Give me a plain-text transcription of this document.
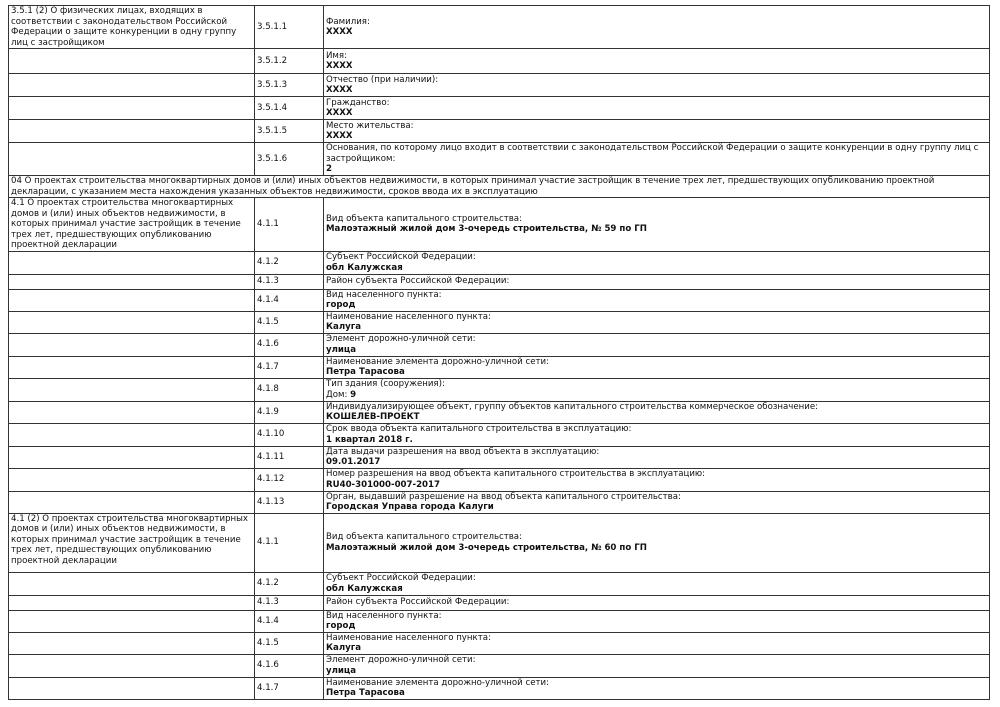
3.5.1 (2) О физических лицах, входящих в соответствии с законодательством Российской Федерации о защите конкуренции в одну группу лиц с застройщиком	3.5.1.1	Фамилия:
XXXX

	3.5.1.2	Имя:
XXXX

	3.5.1.3	Отчество (при наличии):
XXXX

	3.5.1.4	Гражданство:
XXXX

	3.5.1.5	Место жительства:
XXXX

	3.5.1.6	Основания, по которому лицо входит в соответствии с законодательством Российской Федерации о защите конкуренции в одну группу лиц с застройщиком:
2

04 О проектах строительства многоквартирных домов и (или) иных объектов недвижимости, в которых принимал участие застройщик в течение трех лет, предшествующих опубликованию проектной декларации, с указанием места нахождения указанных объектов недвижимости, сроков ввода их в эксплуатацию		
4.1 О проектах строительства многоквартирных домов и (или) иных объектов недвижимости, в которых принимал участие застройщик в течение трех лет, предшествующих опубликованию проектной декларации	4.1.1	Вид объекта капитального строительства:
Малоэтажный жилой дом 3-очередь строительства, № 59 по ГП

	4.1.2	Субъект Российской Федерации:
обл Калужская

	4.1.3	Район субъекта Российской Федерации:

	4.1.4	Вид населенного пункта:
город

	4.1.5	Наименование населенного пункта:
Калуга

	4.1.6	Элемент дорожно-уличной сети:
улица

	4.1.7	Наименование элемента дорожно-уличной сети:
Петра Тарасова

	4.1.8	Тип здания (сооружения):
Дом: 9

	4.1.9	Индивидуализирующее объект, группу объектов капитального строительства коммерческое обозначение:
КОШЕЛЕВ-ПРОЕКТ

	4.1.10	Срок ввода объекта капитального строительства в эксплуатацию:
1 квартал 2018 г.

	4.1.11	Дата выдачи разрешения на ввод объекта в эксплуатацию:
09.01.2017

	4.1.12	Номер разрешения на ввод объекта капитального строительства в эксплуатацию:
RU40-301000-007-2017

	4.1.13	Орган, выдавший разрешение на ввод объекта капитального строительства:
Городская Управа города Калуги

4.1 (2) О проектах строительства многоквартирных домов и (или) иных объектов недвижимости, в которых принимал участие застройщик в течение трех лет, предшествующих опубликованию проектной декларации	4.1.1	Вид объекта капитального строительства:
Малоэтажный жилой дом 3-очередь строительства, № 60 по ГП

	4.1.2	Субъект Российской Федерации:
обл Калужская

	4.1.3	Район субъекта Российской Федерации:

	4.1.4	Вид населенного пункта:
город

	4.1.5	Наименование населенного пункта:
Калуга

	4.1.6	Элемент дорожно-уличной сети:
улица

	4.1.7	Наименование элемента дорожно-уличной сети:
Петра Тарасова
